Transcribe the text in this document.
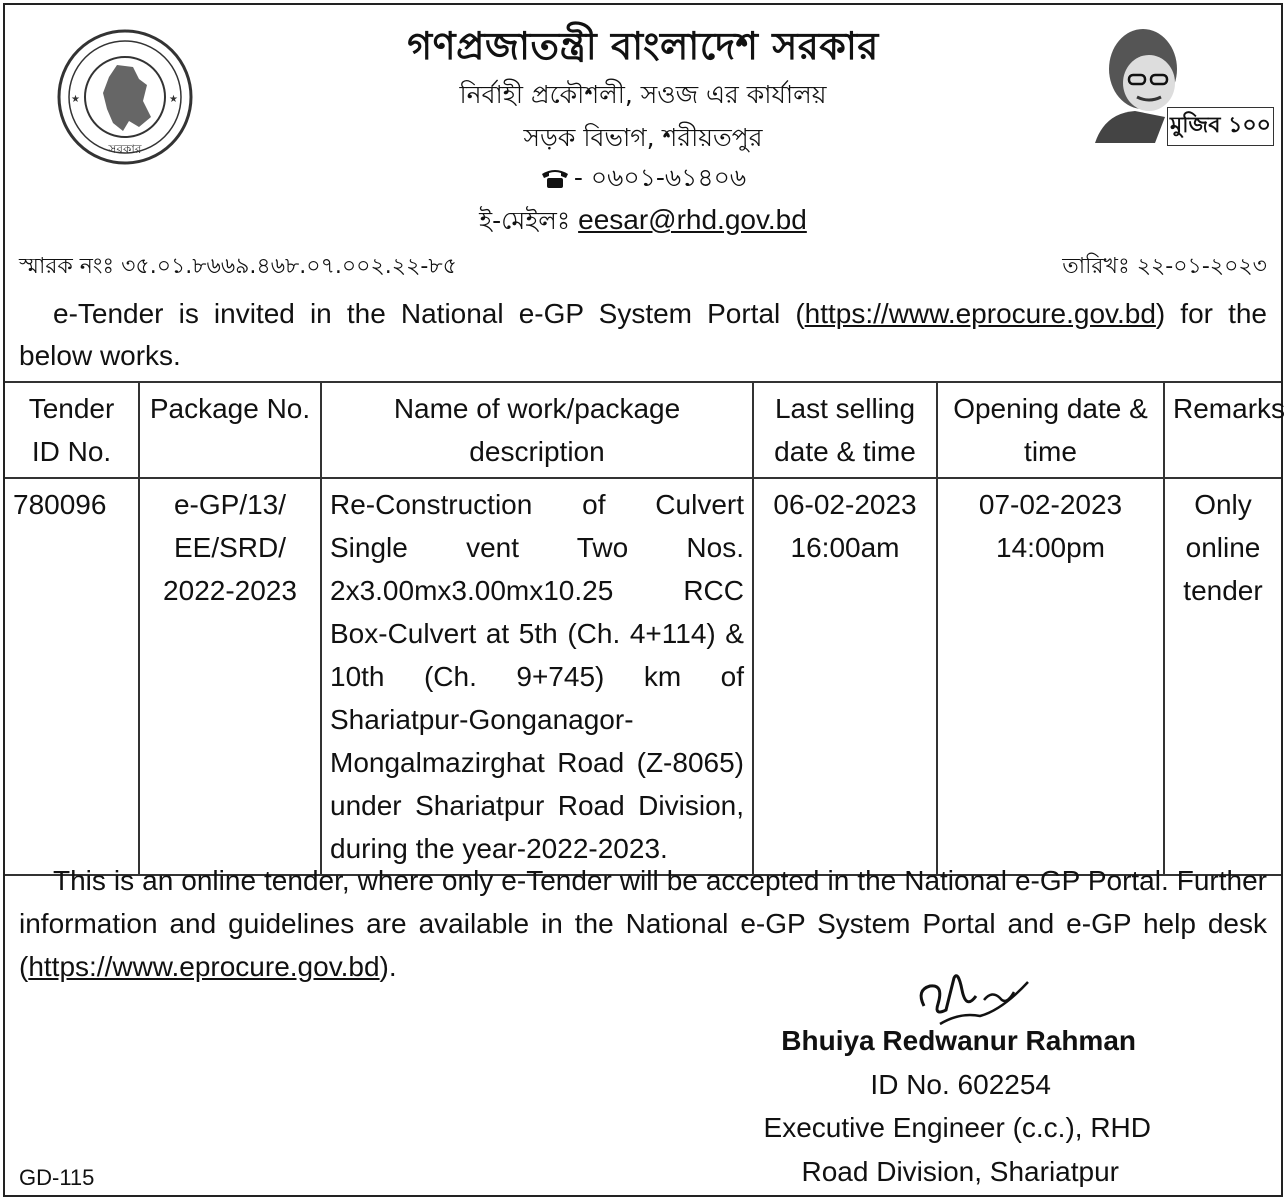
★	★
সরকার
গণপ্রজাতন্ত্রী বাংলাদেশ সরকার
নির্বাহী প্রকৌশলী, সওজ এর কার্যালয়
সড়ক বিভাগ, শরীয়তপুর
- ০৬০১-৬১৪০৬
ই-মেইলঃ eesar@rhd.gov.bd
মুজিব ১০০
স্মারক নংঃ ৩৫.০১.৮৬৬৯.৪৬৮.০৭.০০২.২২-৮৫	তারিখঃ ২২-০১-২০২৩
e-Tender is invited in the National e-GP System Portal (https://www.eprocure.gov.bd) for the below works.
Tender ID No.	Package No.	Name of work/package description	Last selling date & time	Opening date & time	Remarks
780096	e-GP/13/ EE/SRD/ 2022-2023	Re-Construction of Culvert Single vent Two Nos. 2x3.00mx3.00mx10.25 RCC Box-Culvert at 5th (Ch. 4+114) & 10th (Ch. 9+745) km of Shariatpur-Gonganagor-Mongalmazirghat Road (Z-8065) under Shariatpur Road Division, during the year-2022-2023.	06-02-2023 16:00am	07-02-2023 14:00pm	Only online tender
This is an online tender, where only e-Tender will be accepted in the National e-GP Portal. Further information and guidelines are available in the National e-GP System Portal and e-GP help desk (https://www.eprocure.gov.bd).
Bhuiya Redwanur Rahman
ID No. 602254
Executive Engineer (c.c.), RHD
Road Division, Shariatpur
GD-115
